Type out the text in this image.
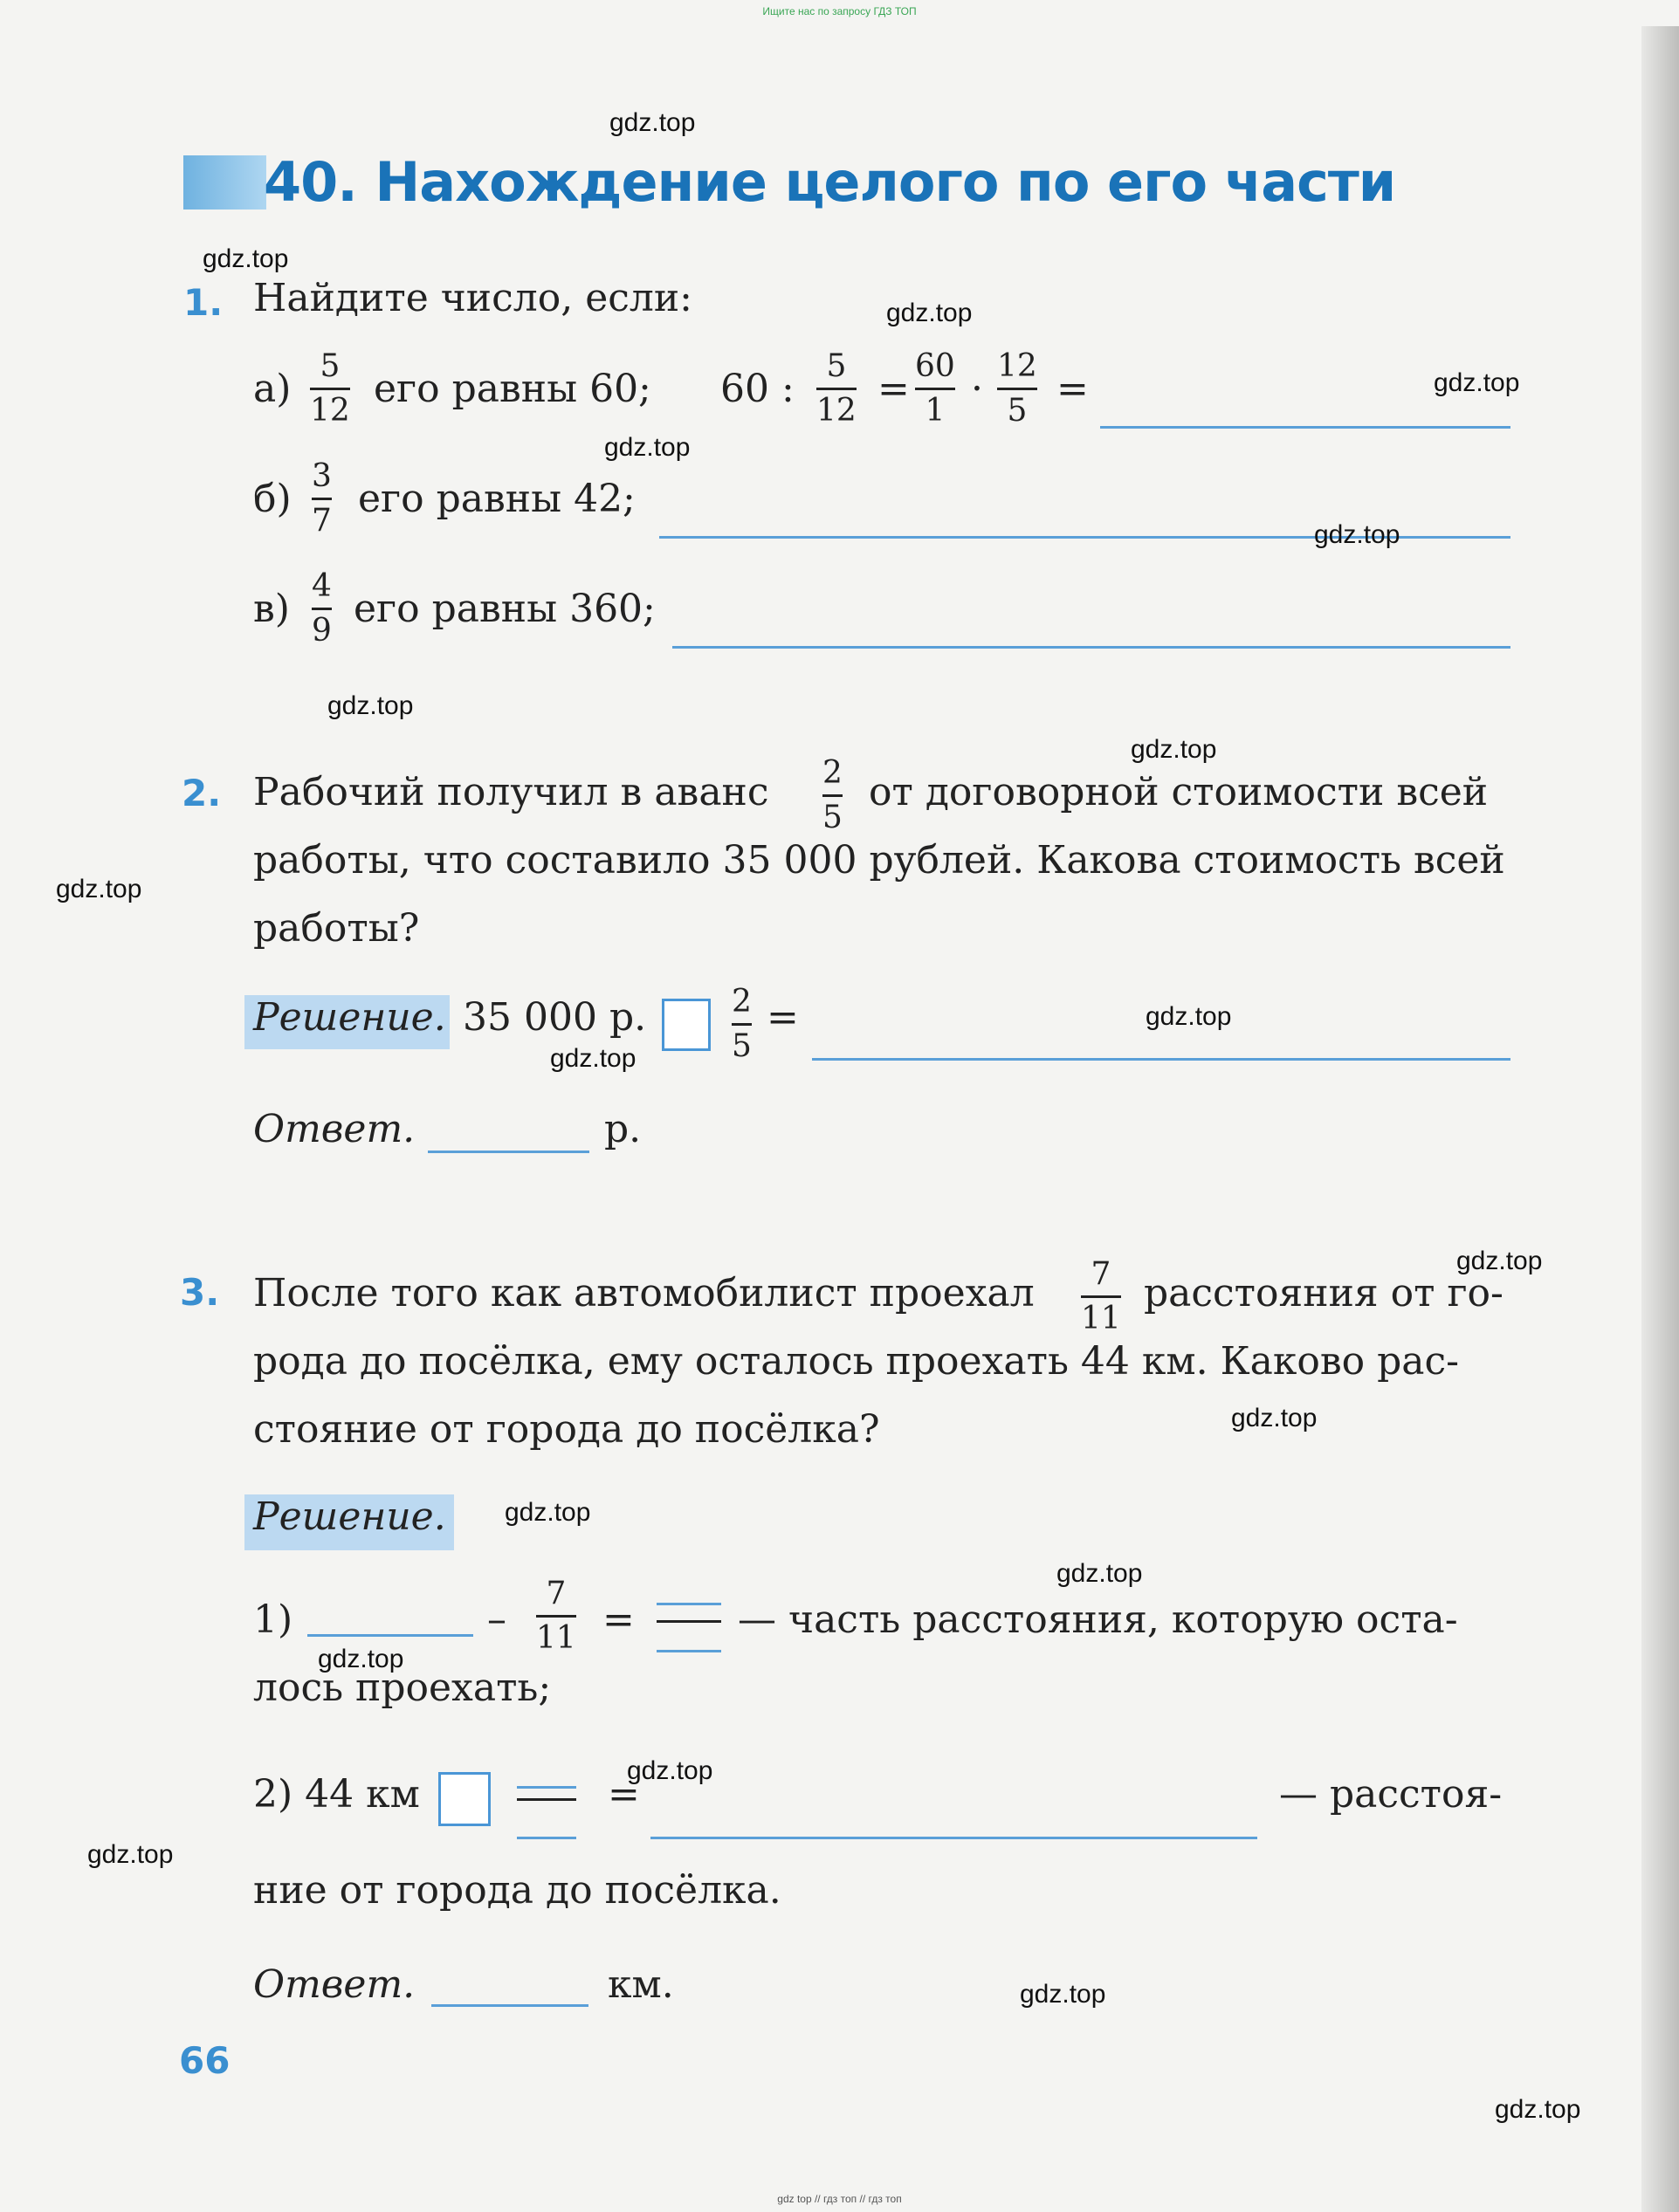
Ищите нас по запросу ГДЗ ТОП
40. Нахождение целого по его части
1. Найдите число, если:
а)
5
12 его равны 60; 60 :
5
12 =
60
1 ·
12
5 =
б)
3
7 его равны 42;
в)
4
9 его равны 360;
2. Рабочий получил в аванс 2
5
от договорной стоимости всей
работы, что составило 35 000 рублей. Какова стоимость всей
работы?
Решение. 35 000 р.	2
5
=
Ответ.	р.
3. После того как автомобилист проехал 7
11
расстояния от го-
рода до посёлка, ему осталось проехать 44 км. Каково рас-
стояние от города до посёлка?
Решение.
1)	–
7
11 =	— часть расстояния, которую оста-
лось проехать;
2) 44 км	=	— расстоя-
ние от города до посёлка.
Ответ.	км.
66
gdz.top
gdz.top
gdz.top
gdz.top
gdz.top
gdz.top
gdz.top
gdz.top
gdz.top
gdz.top
gdz.top
gdz.top
gdz.top
gdz.top
gdz.top
gdz.top
gdz.top
gdz.top
gdz.top
gdz.top
gdz top // гдз топ // гдз топ
